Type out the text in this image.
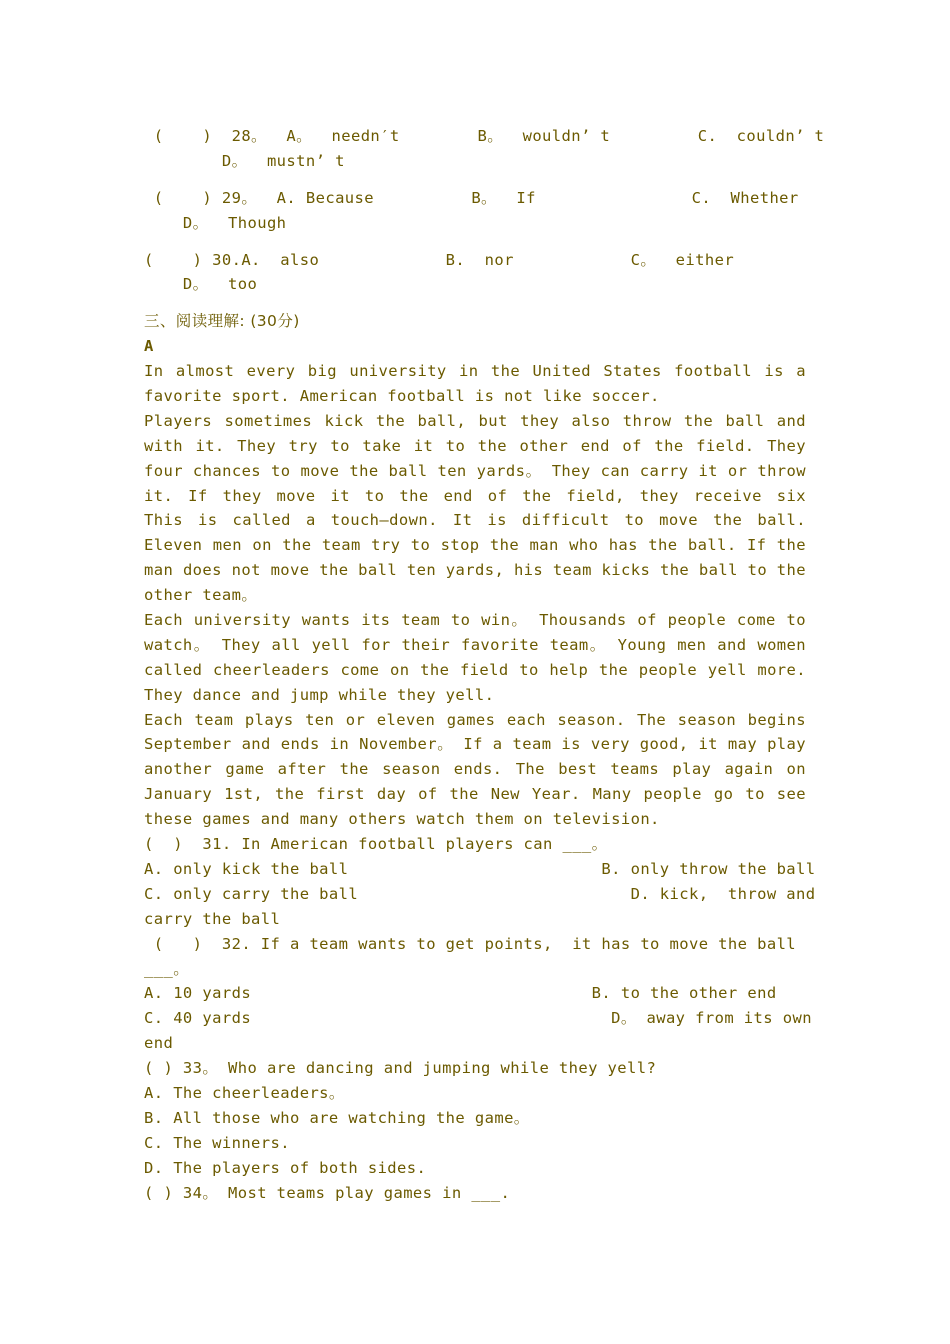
(    )  28。  A。  needn′t        B。  wouldn’ t         C.  couldn’ t
D。  mustn’ t
(    ) 29。  A. Because          B。  If                C.  Whether
D。  Though
(    ) 30.A.  also             B.  nor            C。  either
D。  too
三、阅读理解: (30分)
A
In almost every big university in the United States football is a
favorite sport. American football is not like soccer.
Players sometimes kick the ball, but they also throw the ball and
with it. They try to take it to the other end of the field. They
four chances to move the ball ten yards。 They can carry it or throw
it. If they move it to the end of the field, they receive six
This is called a touch—down. It is difficult to move the ball.
Eleven men on the team try to stop the man who has the ball. If the
man does not move the ball ten yards, his team kicks the ball to the
other team。
Each university wants its team to win。 Thousands of people come to
watch。 They all yell for their favorite team。 Young men and women
called cheerleaders come on the field to help the people yell more.
They dance and jump while they yell.
Each team plays ten or eleven games each season. The season begins
September and ends in November。 If a team is very good, it may play
another game after the season ends. The best teams play again on
January 1st, the first day of the New Year. Many people go to see
these games and many others watch them on television.
(  )  31. In American football players can ___。
A. only kick the ball                          B. only throw the ball
C. only carry the ball                            D. kick,  throw and
carry the ball
(   )  32. If a team wants to get points,  it has to move the ball
___。
A. 10 yards                                   B. to the other end
C. 40 yards                                     D。 away from its own
end
( ) 33。 Who are dancing and jumping while they yell?
A. The cheerleaders。
B. All those who are watching the game。
C. The winners.
D. The players of both sides.
( ) 34。 Most teams play games in ___.
